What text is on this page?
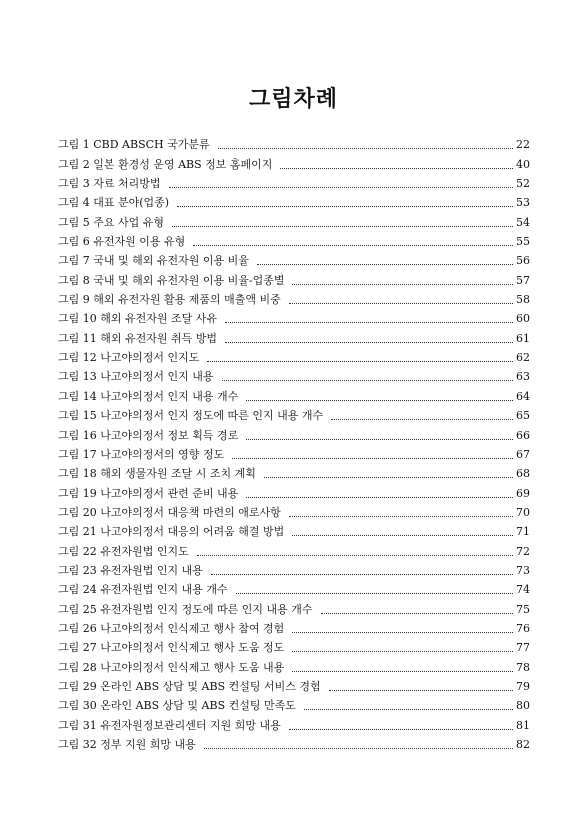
그림차례
그림 1 CBD ABSCH 국가분류	22
그림 2 일본 환경성 운영 ABS 정보 홈페이지	40
그림 3 자료 처리방법	52
그림 4 대표 분야(업종)	53
그림 5 주요 사업 유형	54
그림 6 유전자원 이용 유형	55
그림 7 국내 및 해외 유전자원 이용 비율	56
그림 8 국내 및 해외 유전자원 이용 비율-업종별	57
그림 9 해외 유전자원 활용 제품의 매출액 비중	58
그림 10 해외 유전자원 조달 사유	60
그림 11 해외 유전자원 취득 방법	61
그림 12 나고야의정서 인지도	62
그림 13 나고야의정서 인지 내용	63
그림 14 나고야의정서 인지 내용 개수	64
그림 15 나고야의정서 인지 정도에 따른 인지 내용 개수	65
그림 16 나고야의정서 정보 획득 경로	66
그림 17 나고야의정서의 영향 정도	67
그림 18 해외 생물자원 조달 시 조치 계획	68
그림 19 나고야의정서 관련 준비 내용	69
그림 20 나고야의정서 대응책 마련의 애로사항	70
그림 21 나고야의정서 대응의 어려움 해결 방법	71
그림 22 유전자원법 인지도	72
그림 23 유전자원법 인지 내용	73
그림 24 유전자원법 인지 내용 개수	74
그림 25 유전자원법 인지 정도에 따른 인지 내용 개수	75
그림 26 나고야의정서 인식제고 행사 참여 경험	76
그림 27 나고야의정서 인식제고 행사 도움 정도	77
그림 28 나고야의정서 인식제고 행사 도움 내용	78
그림 29 온라인 ABS 상담 및 ABS 컨설팅 서비스 경험	79
그림 30 온라인 ABS 상담 및 ABS 컨설팅 만족도	80
그림 31 유전자원정보관리센터 지원 희망 내용	81
그림 32 정부 지원 희망 내용	82
